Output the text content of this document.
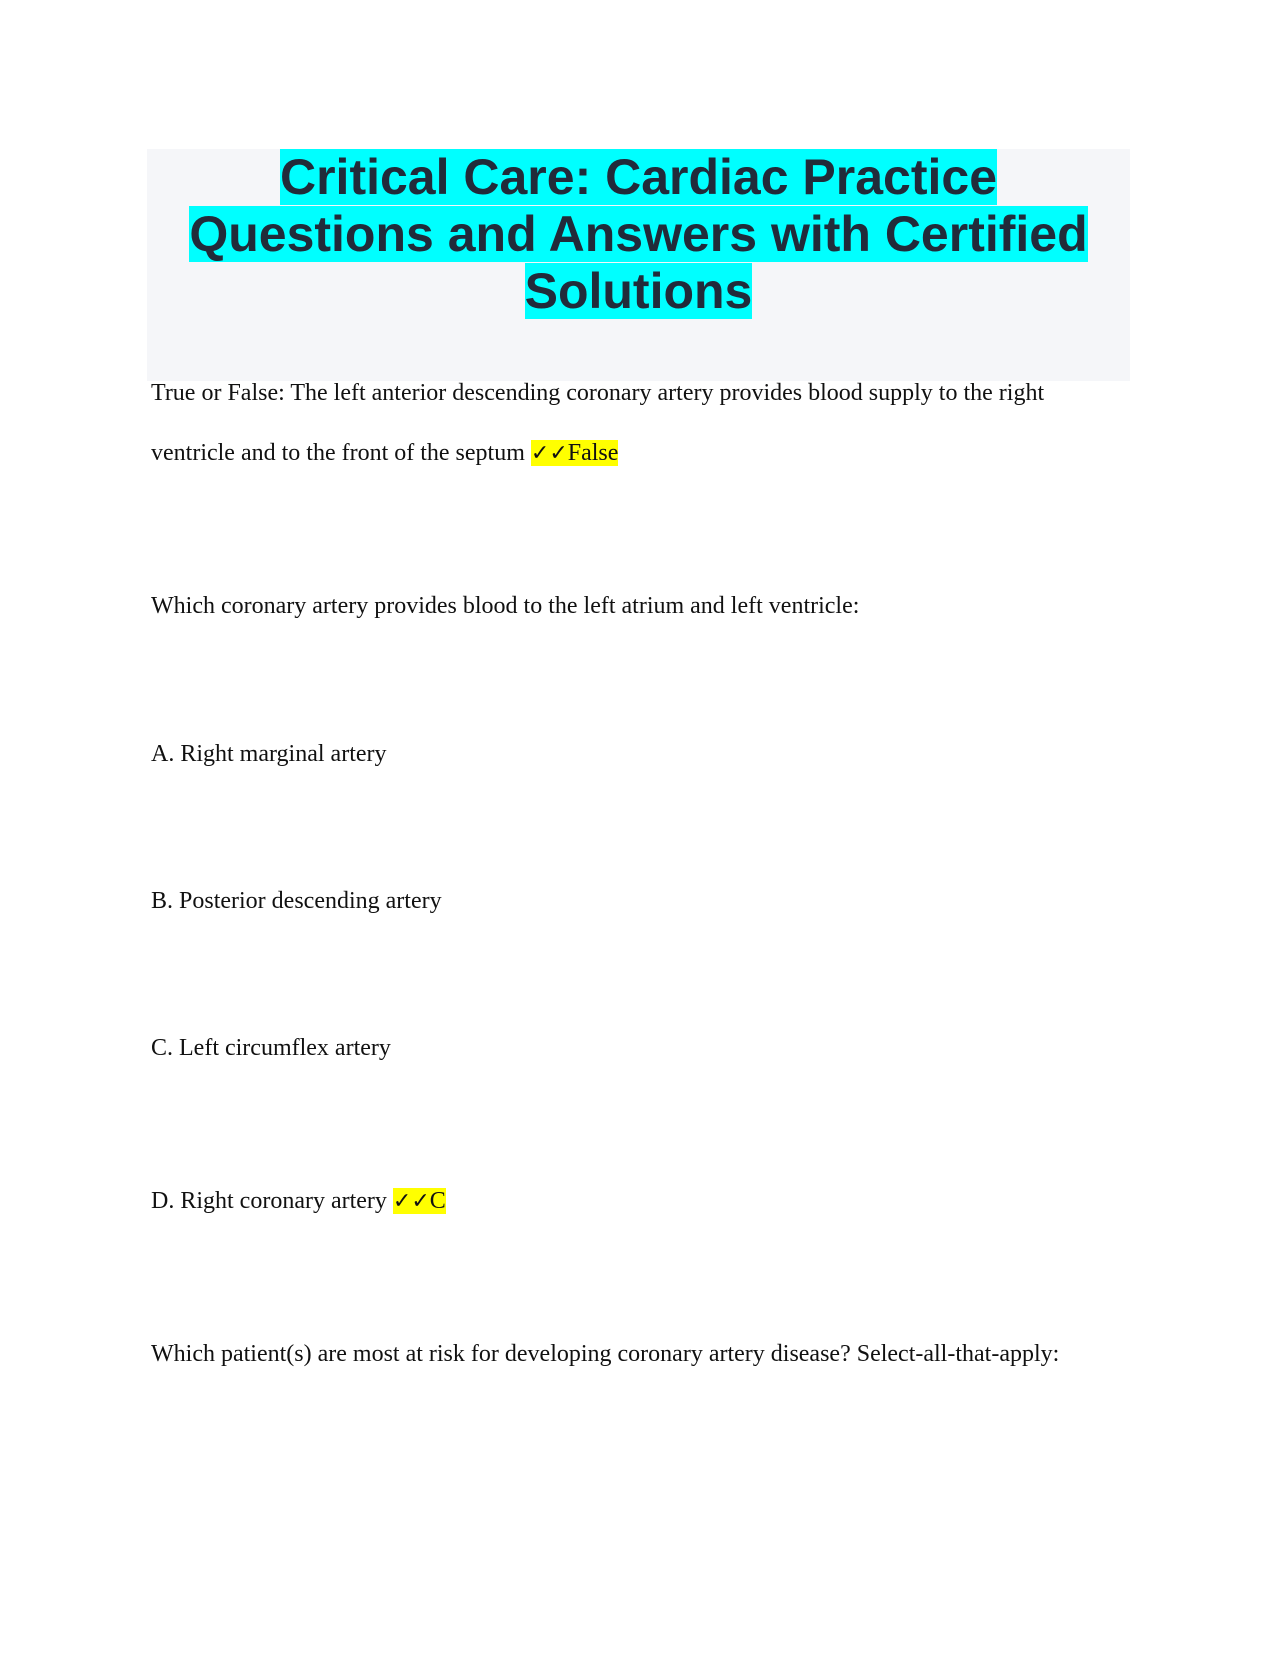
Critical Care: Cardiac Practice
Questions and Answers with Certified
Solutions

True or False: The left anterior descending coronary artery provides blood supply to the right

ventricle and to the front of the septum ✓✓False

Which coronary artery provides blood to the left atrium and left ventricle:

A. Right marginal artery

B. Posterior descending artery

C. Left circumflex artery

D. Right coronary artery ✓✓C

Which patient(s) are most at risk for developing coronary artery disease? Select-all-that-apply:
